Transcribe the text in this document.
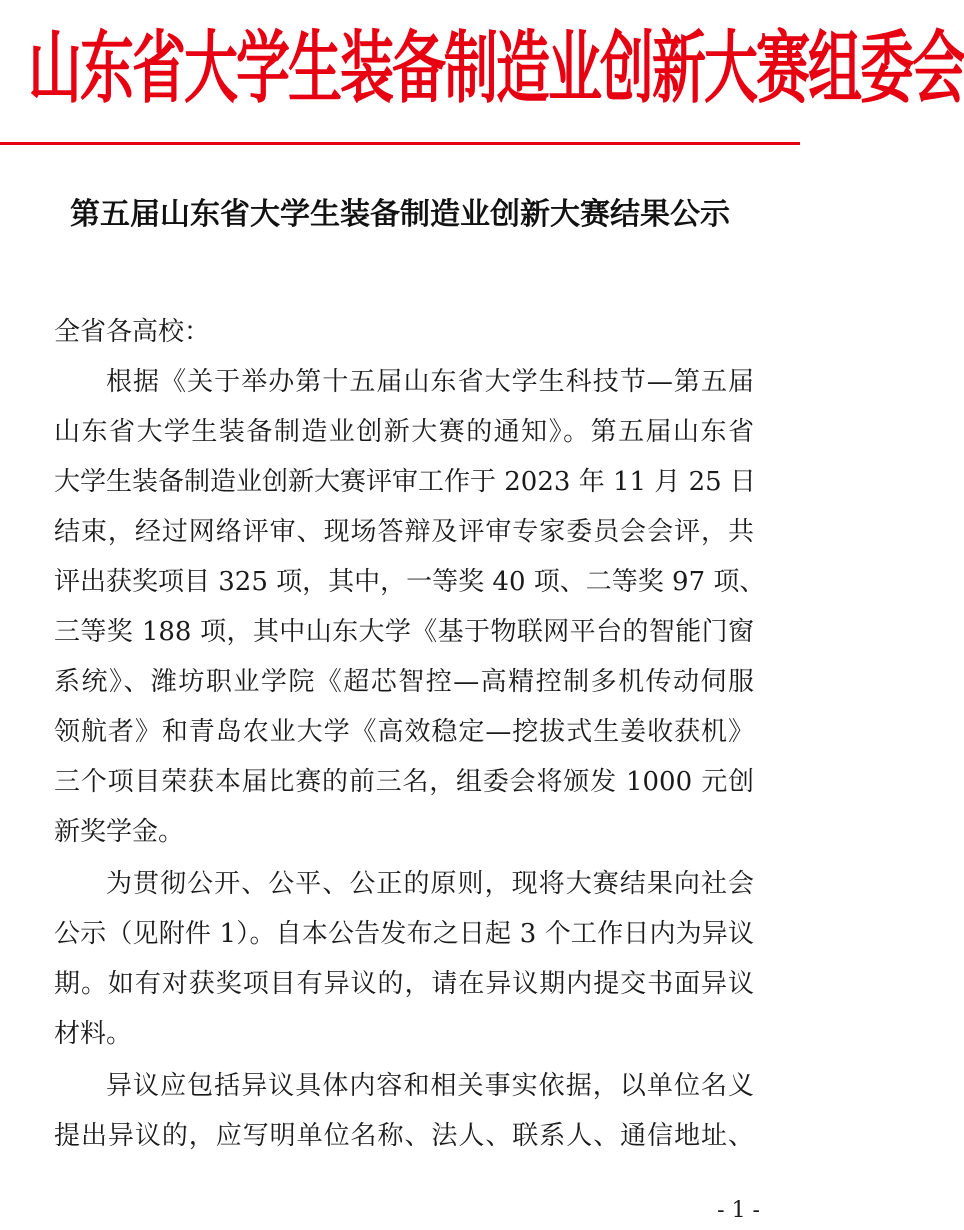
山东省大学生装备制造业创新大赛组委会
第五届山东省大学生装备制造业创新大赛结果公示
全省各高校：
根据《关于举办第十五届山东省大学生科技节—第五届
山东省大学生装备制造业创新大赛的通知》。第五届山东省
大学生装备制造业创新大赛评审工作于 2023 年 11 月 25 日
结束，经过网络评审、现场答辩及评审专家委员会会评，共
评出获奖项目 325 项，其中，一等奖 40 项、二等奖 97 项、
三等奖 188 项，其中山东大学《基于物联网平台的智能门窗
系统》、潍坊职业学院《超芯智控—高精控制多机传动伺服
领航者》和青岛农业大学《高效稳定—挖拔式生姜收获机》
三个项目荣获本届比赛的前三名，组委会将颁发 1000 元创
新奖学金。
为贯彻公开、公平、公正的原则，现将大赛结果向社会
公示（见附件 1）。自本公告发布之日起 3 个工作日内为异议
期。如有对获奖项目有异议的，请在异议期内提交书面异议
材料。
异议应包括异议具体内容和相关事实依据，以单位名义
提出异议的，应写明单位名称、法人、联系人、通信地址、
- 1 -
